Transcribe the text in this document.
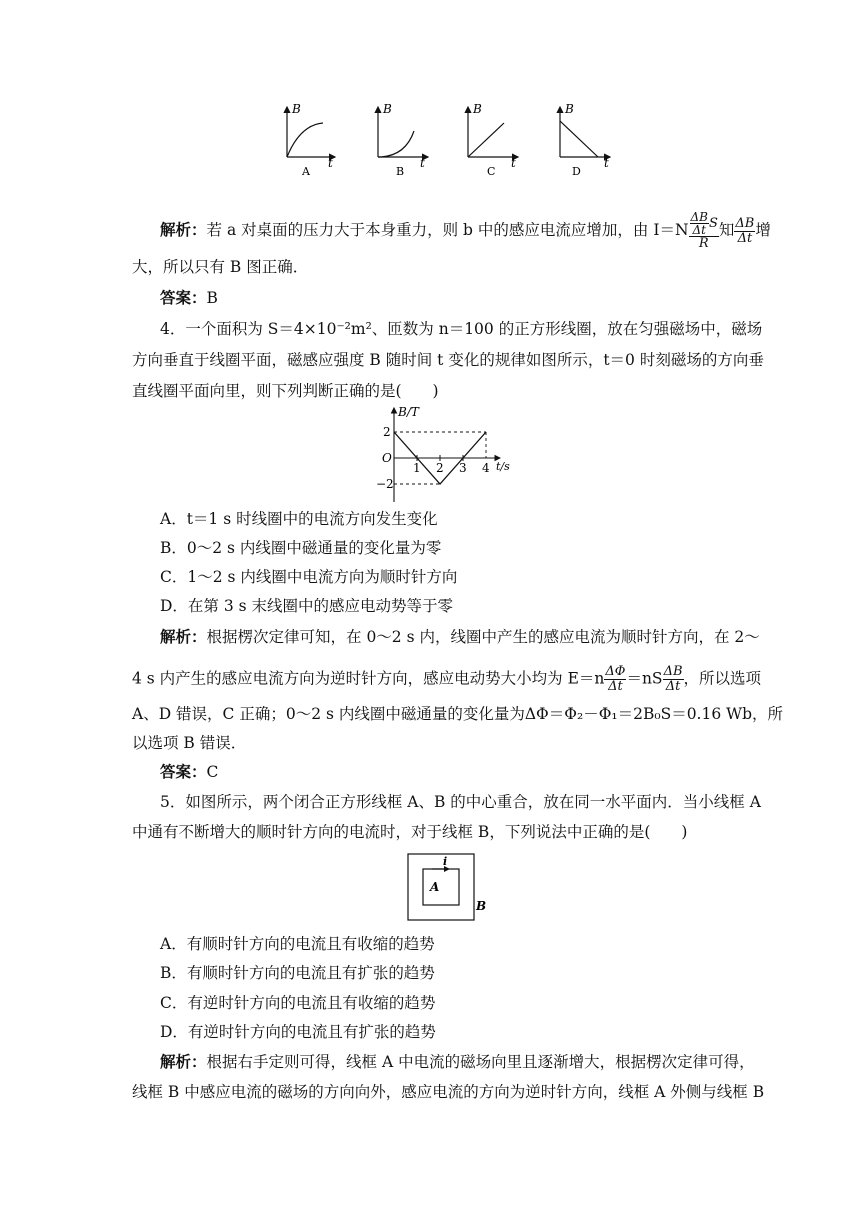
B
t
A
B
t
B
B
t
C
B
t
D
解析：若 a 对桌面的压力大于本身重力，则 b 中的感应电流应增加，由 $I=N \frac{\frac{\Delta B}{\Delta t} S}{R}$ 知 $\frac{\Delta B}{\Delta t}$ 增
大，所以只有 B 图正确．
答案：B
4．一个面积为 S＝4×10⁻²m²、匝数为 n＝100 的正方形线圈，放在匀强磁场中，磁场
方向垂直于线圈平面，磁感应强度 B 随时间 t 变化的规律如图所示，t＝0 时刻磁场的方向垂
直线圈平面向里，则下列判断正确的是(　　)
B/T
t/s
O
2
−2
1 2 3 4
A．t＝1 s 时线圈中的电流方向发生变化
B．0～2 s 内线圈中磁通量的变化量为零
C．1～2 s 内线圈中电流方向为顺时针方向
D．在第 3 s 末线圈中的感应电动势等于零
解析：根据楞次定律可知，在 0～2 s 内，线圈中产生的感应电流为顺时针方向，在 2～
4 s 内产生的感应电流方向为逆时针方向，感应电动势大小均为 $E=n \frac{\Delta\Phi}{\Delta t} =nS \frac{\Delta B}{\Delta t}$ ，所以选项
A、D 错误，C 正确；0～2 s 内线圈中磁通量的变化量为ΔΦ＝Φ₂－Φ₁＝2B₀S＝0.16 Wb，所
以选项 B 错误．
答案：C
5．如图所示，两个闭合正方形线框 A、B 的中心重合，放在同一水平面内．当小线框 A
中通有不断增大的顺时针方向的电流时，对于线框 B，下列说法中正确的是(　　)
i
A
B
A．有顺时针方向的电流且有收缩的趋势
B．有顺时针方向的电流且有扩张的趋势
C．有逆时针方向的电流且有收缩的趋势
D．有逆时针方向的电流且有扩张的趋势
解析：根据右手定则可得，线框 A 中电流的磁场向里且逐渐增大，根据楞次定律可得，
线框 B 中感应电流的磁场的方向向外，感应电流的方向为逆时针方向，线框 A 外侧与线框 B
